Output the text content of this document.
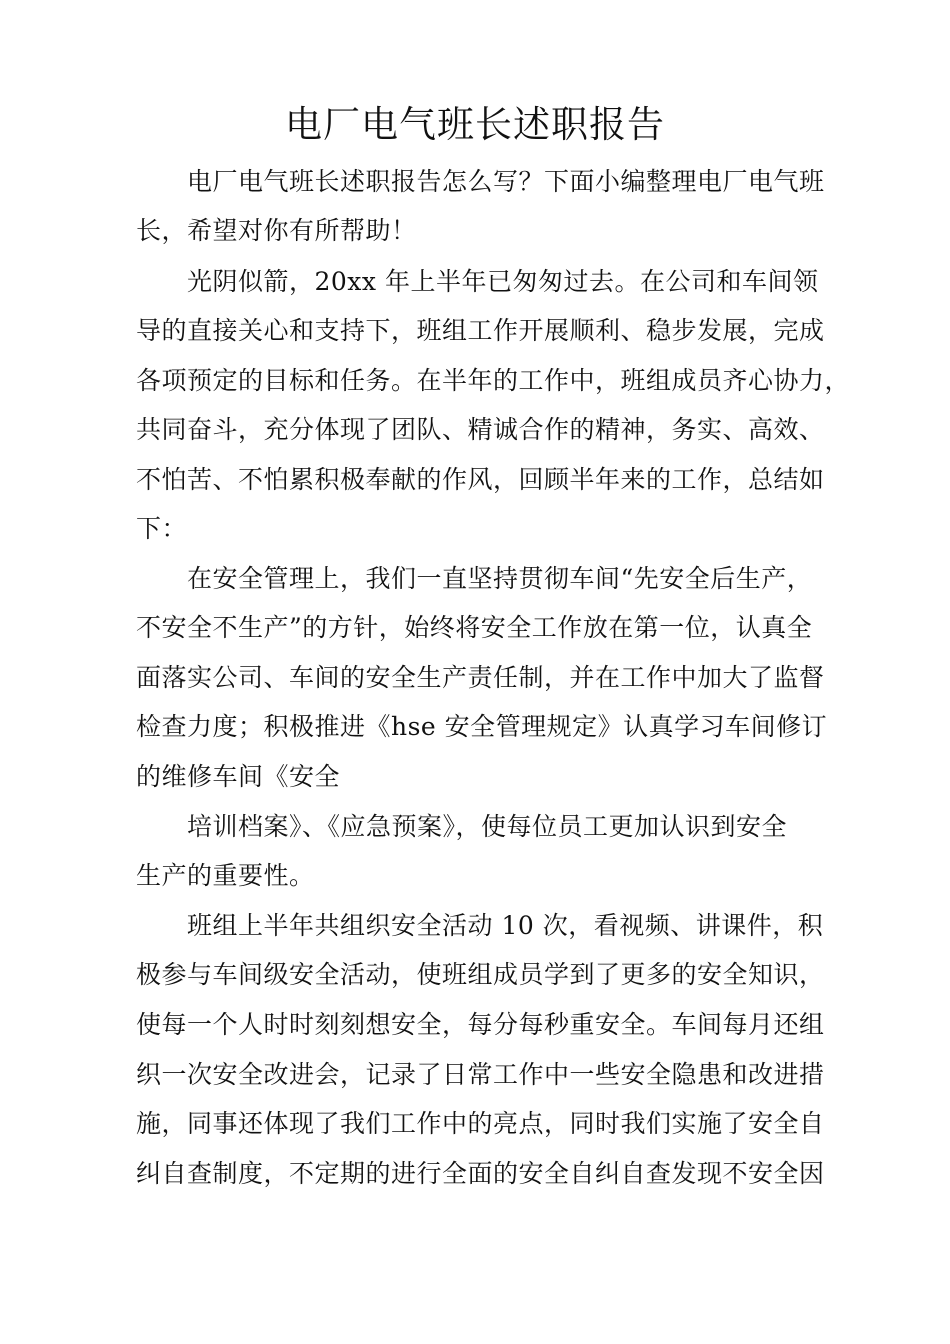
电厂电气班长述职报告
电厂电气班长述职报告怎么写？下面小编整理电厂电气班
长，希望对你有所帮助！
光阴似箭，20xx 年上半年已匆匆过去。在公司和车间领
导的直接关心和支持下，班组工作开展顺利、稳步发展，完成
各项预定的目标和任务。在半年的工作中，班组成员齐心协力，
共同奋斗，充分体现了团队、精诚合作的精神，务实、高效、
不怕苦、不怕累积极奉献的作风，回顾半年来的工作，总结如
下：
在安全管理上，我们一直坚持贯彻车间“先安全后生产，
不安全不生产”的方针，始终将安全工作放在第一位，认真全
面落实公司、车间的安全生产责任制，并在工作中加大了监督
检查力度；积极推进《hse 安全管理规定》认真学习车间修订
的维修车间《安全
培训档案》、《应急预案》，使每位员工更加认识到安全
生产的重要性。
班组上半年共组织安全活动 10 次，看视频、讲课件，积
极参与车间级安全活动，使班组成员学到了更多的安全知识，
使每一个人时时刻刻想安全，每分每秒重安全。车间每月还组
织一次安全改进会，记录了日常工作中一些安全隐患和改进措
施，同事还体现了我们工作中的亮点，同时我们实施了安全自
纠自查制度，不定期的进行全面的安全自纠自查发现不安全因
